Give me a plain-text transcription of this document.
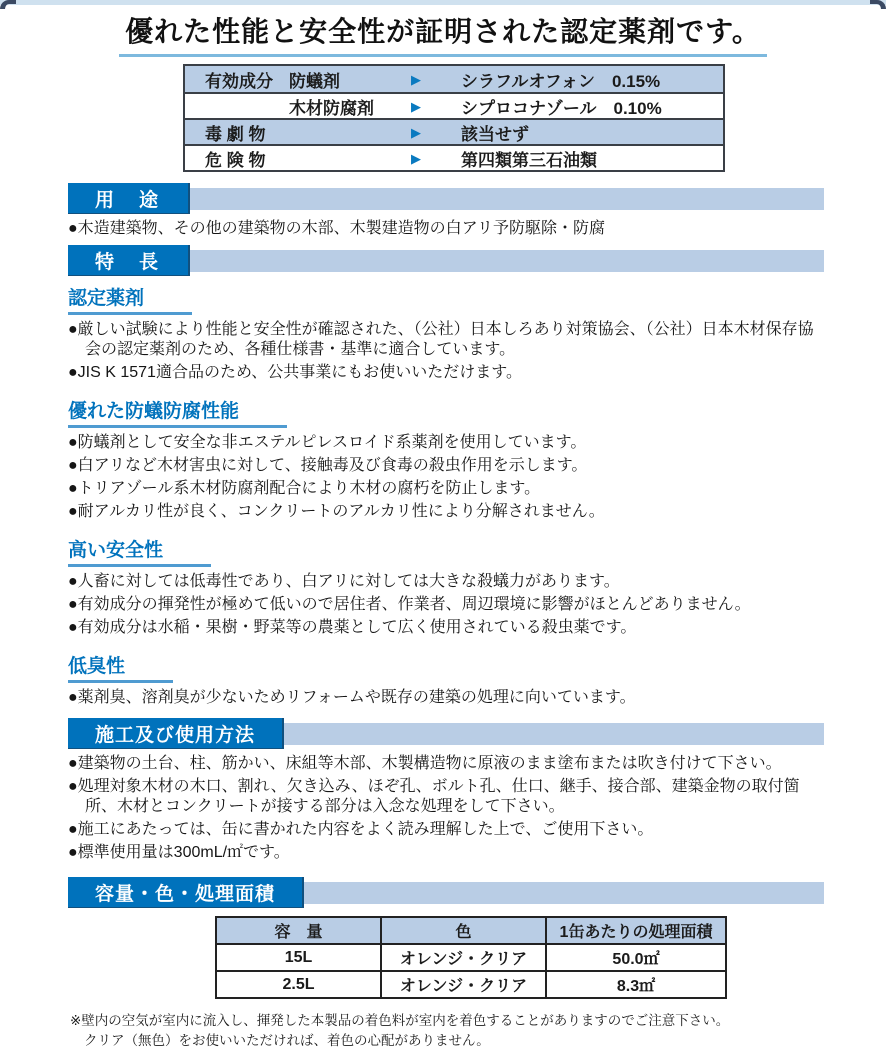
優れた性能と安全性が証明された認定薬剤です。
有効成分 防蟻剤	▶	シラフルオフォン　0.15%
木材防腐剤	▶	シプロコナゾール　0.10%
毒 劇 物	▶	該当せず
危 険 物	▶	第四類第三石油類
用　途
● 木造建築物、その他の建築物の木部、木製建造物の白アリ予防駆除・防腐
特　長
認定薬剤
● 厳しい試験により性能と安全性が確認された、（公社）日本しろあり対策協会、（公社）日本木材保存協会の認定薬剤のため、各種仕様書・基準に適合しています。
● JIS K 1571適合品のため、公共事業にもお使いいただけます。
優れた防蟻防腐性能
● 防蟻剤として安全な非エステルピレスロイド系薬剤を使用しています。
● 白アリなど木材害虫に対して、接触毒及び食毒の殺虫作用を示します。
● トリアゾール系木材防腐剤配合により木材の腐朽を防止します。
● 耐アルカリ性が良く、コンクリートのアルカリ性により分解されません。
高い安全性
● 人畜に対しては低毒性であり、白アリに対しては大きな殺蟻力があります。
● 有効成分の揮発性が極めて低いので居住者、作業者、周辺環境に影響がほとんどありません。
● 有効成分は水稲・果樹・野菜等の農薬として広く使用されている殺虫薬です。
低臭性
● 薬剤臭、溶剤臭が少ないためリフォームや既存の建築の処理に向いています。
施工及び使用方法
● 建築物の土台、柱、筋かい、床組等木部、木製構造物に原液のまま塗布または吹き付けて下さい。
● 処理対象木材の木口、割れ、欠き込み、ほぞ孔、ボルト孔、仕口、継手、接合部、建築金物の取付箇所、木材とコンクリートが接する部分は入念な処理をして下さい。
● 施工にあたっては、缶に書かれた内容をよく読み理解した上で、ご使用下さい。
● 標準使用量は300mL/㎡です。
容量・色・処理面積
容　量	色	1缶あたりの処理面積
15L	オレンジ・クリア	50.0㎡
2.5L	オレンジ・クリア	8.3㎡
※壁内の空気が室内に流入し、揮発した本製品の着色料が室内を着色することがありますのでご注意下さい。
クリア（無色）をお使いいただければ、着色の心配がありません。
